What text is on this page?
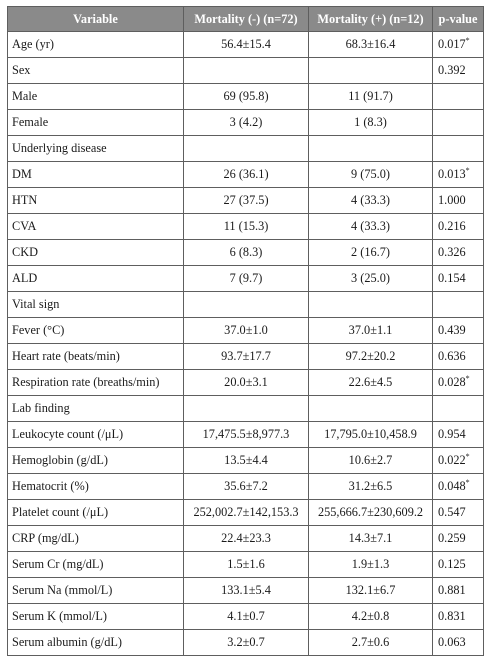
Variable	Mortality (-) (n=72)	Mortality (+) (n=12)	p-value
Age (yr)	56.4±15.4	68.3±16.4	0.017*
Sex			0.392
Male	69 (95.8)	11 (91.7)	
Female	3 (4.2)	1 (8.3)	
Underlying disease			
DM	26 (36.1)	9 (75.0)	0.013*
HTN	27 (37.5)	4 (33.3)	1.000
CVA	11 (15.3)	4 (33.3)	0.216
CKD	6 (8.3)	2 (16.7)	0.326
ALD	7 (9.7)	3 (25.0)	0.154
Vital sign			
Fever (°C)	37.0±1.0	37.0±1.1	0.439
Heart rate (beats/min)	93.7±17.7	97.2±20.2	0.636
Respiration rate (breaths/min)	20.0±3.1	22.6±4.5	0.028*
Lab finding			
Leukocyte count (/μL)	17,475.5±8,977.3	17,795.0±10,458.9	0.954
Hemoglobin (g/dL)	13.5±4.4	10.6±2.7	0.022*
Hematocrit (%)	35.6±7.2	31.2±6.5	0.048*
Platelet count (/μL)	252,002.7±142,153.3	255,666.7±230,609.2	0.547
CRP (mg/dL)	22.4±23.3	14.3±7.1	0.259
Serum Cr (mg/dL)	1.5±1.6	1.9±1.3	0.125
Serum Na (mmol/L)	133.1±5.4	132.1±6.7	0.881
Serum K (mmol/L)	4.1±0.7	4.2±0.8	0.831
Serum albumin (g/dL)	3.2±0.7	2.7±0.6	0.063
